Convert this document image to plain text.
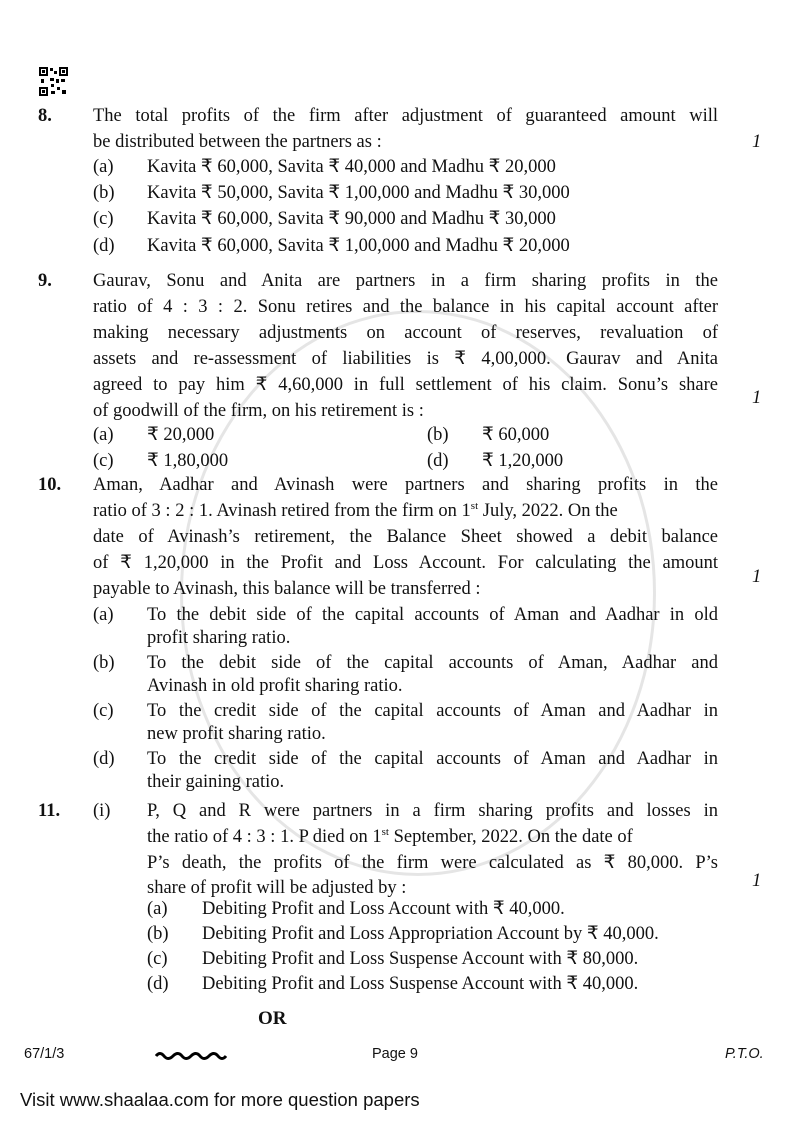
8. The total profits of the firm after adjustment of guaranteed amount will
be distributed between the partners as :	1
(a) Kavita ₹ 60,000, Savita ₹ 40,000 and Madhu ₹ 20,000
(b) Kavita ₹ 50,000, Savita ₹ 1,00,000 and Madhu ₹ 30,000
(c) Kavita ₹ 60,000, Savita ₹ 90,000 and Madhu ₹ 30,000
(d) Kavita ₹ 60,000, Savita ₹ 1,00,000 and Madhu ₹ 20,000
9. Gaurav, Sonu and Anita are partners in a firm sharing profits in the
ratio of 4 : 3 : 2. Sonu retires and the balance in his capital account after
making necessary adjustments on account of reserves, revaluation of
assets and re-assessment of liabilities is ₹ 4,00,000. Gaurav and Anita
agreed to pay him ₹ 4,60,000 in full settlement of his claim. Sonu’s share
of goodwill of the firm, on his retirement is :
1
(a) ₹ 20,000	(b) ₹ 60,000
(c) ₹ 1,80,000	(d) ₹ 1,20,000
10. Aman, Aadhar and Avinash were partners and sharing profits in the
ratio of 3 : 2 : 1. Avinash retired from the firm on 1st July, 2022. On the
date of Avinash’s retirement, the Balance Sheet showed a debit balance
of ₹ 1,20,000 in the Profit and Loss Account. For calculating the amount
payable to Avinash, this balance will be transferred :
1
(a) To the debit side of the capital accounts of Aman and Aadhar in old
profit sharing ratio.
(b) To the debit side of the capital accounts of Aman, Aadhar and
Avinash in old profit sharing ratio.
(c) To the credit side of the capital accounts of Aman and Aadhar in
new profit sharing ratio.
(d) To the credit side of the capital accounts of Aman and Aadhar in
their gaining ratio.
11. (i) P, Q and R were partners in a firm sharing profits and losses in
the ratio of 4 : 3 : 1. P died on 1st September, 2022. On the date of
P’s death, the profits of the firm were calculated as ₹ 80,000. P’s
share of profit will be adjusted by :	1
(a) Debiting Profit and Loss Account with ₹ 40,000.
(b) Debiting Profit and Loss Appropriation Account by ₹ 40,000.
(c) Debiting Profit and Loss Suspense Account with ₹ 80,000.
(d) Debiting Profit and Loss Suspense Account with ₹ 40,000.
OR
67/1/3	Page 9	P.T.O.
Visit www.shaalaa.com for more question papers
